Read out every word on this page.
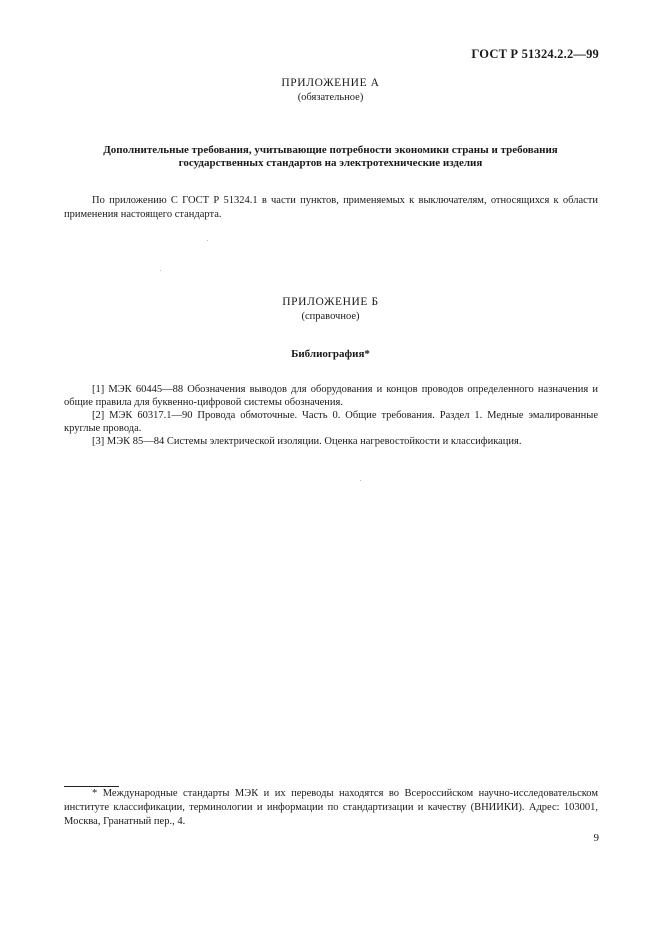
ГОСТ Р 51324.2.2—99
ПРИЛОЖЕНИЕ А
(обязательное)
Дополнительные требования, учитывающие потребности экономики страны и требования
государственных стандартов на электротехнические изделия
По приложению С ГОСТ Р 51324.1 в части пунктов, применяемых к выключателям, относящихся к области применения настоящего стандарта.
ПРИЛОЖЕНИЕ Б
(справочное)
Библиография*
[1] МЭК 60445—88 Обозначения выводов для оборудования и концов проводов определенного назначения и общие правила для буквенно-цифровой системы обозначения.
[2] МЭК 60317.1—90 Провода обмоточные. Часть 0. Общие требования. Раздел 1. Медные эмалированные круглые провода.
[3] МЭК 85—84 Системы электрической изоляции. Оценка нагревостойкости и классификация.
* Международные стандарты МЭК и их переводы находятся во Всероссийском научно-исследовательском институте классификации, терминологии и информации по стандартизации и качеству (ВНИИКИ). Адрес: 103001, Москва, Гранатный пер., 4.
9
